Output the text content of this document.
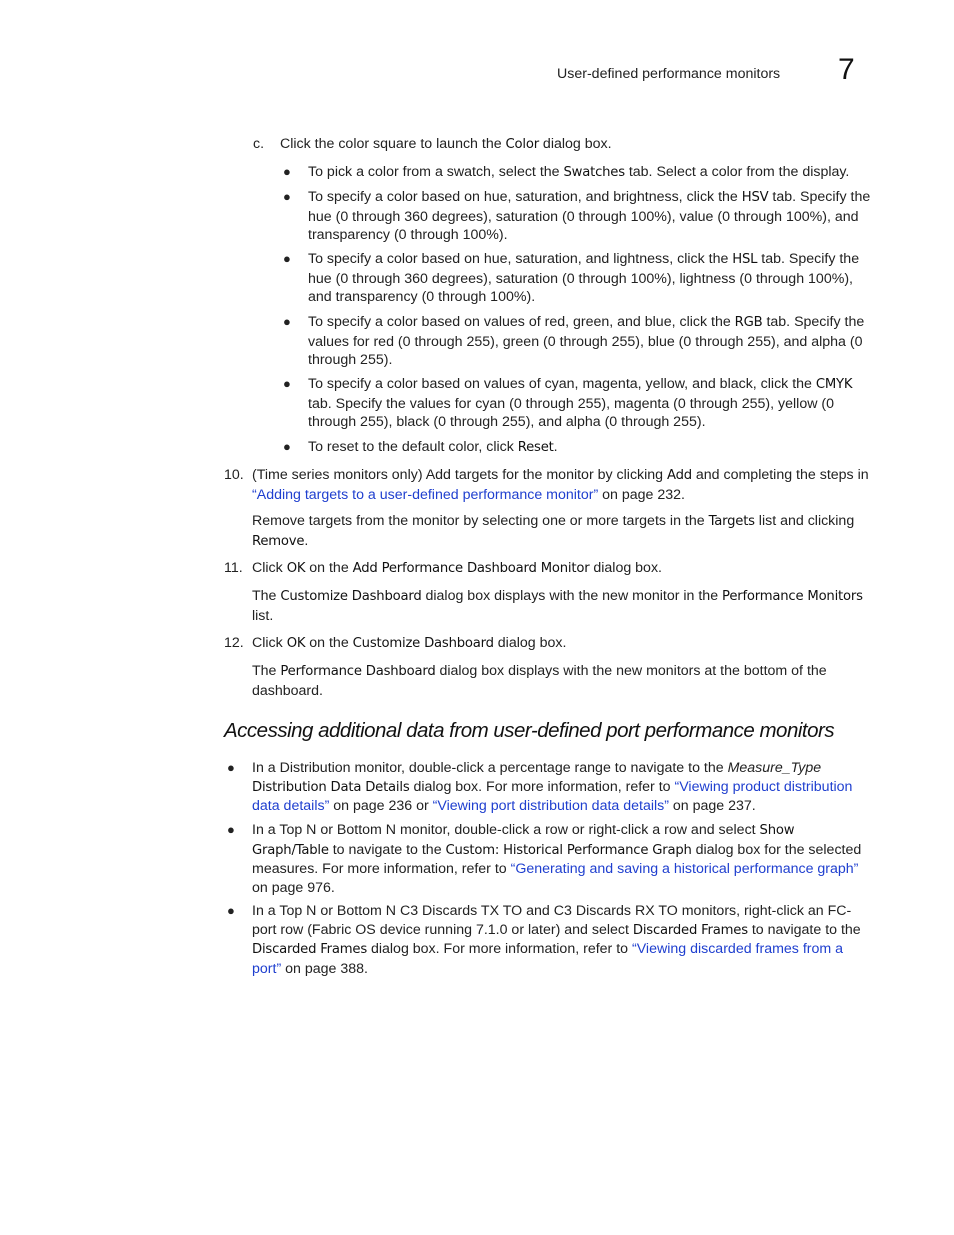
User-defined performance monitors 7
c. Click the color square to launch the Color dialog box.

● To pick a color from a swatch, select the Swatches tab. Select a color from the display.

● To specify a color based on hue, saturation, and brightness, click the HSV tab. Specify the hue (0 through 360 degrees), saturation (0 through 100%), value (0 through 100%), and transparency (0 through 100%).

● To specify a color based on hue, saturation, and lightness, click the HSL tab. Specify the hue (0 through 360 degrees), saturation (0 through 100%), lightness (0 through 100%), and transparency (0 through 100%).

● To specify a color based on values of red, green, and blue, click the RGB tab. Specify the values for red (0 through 255), green (0 through 255), blue (0 through 255), and alpha (0 through 255).

● To specify a color based on values of cyan, magenta, yellow, and black, click the CMYK tab. Specify the values for cyan (0 through 255), magenta (0 through 255), yellow (0 through 255), black (0 through 255), and alpha (0 through 255).

● To reset to the default color, click Reset.

10. (Time series monitors only) Add targets for the monitor by clicking Add and completing the steps in “Adding targets to a user-defined performance monitor” on page 232.

Remove targets from the monitor by selecting one or more targets in the Targets list and clicking Remove.

11. Click OK on the Add Performance Dashboard Monitor dialog box.

The Customize Dashboard dialog box displays with the new monitor in the Performance Monitors list.

12. Click OK on the Customize Dashboard dialog box.

The Performance Dashboard dialog box displays with the new monitors at the bottom of the dashboard.

Accessing additional data from user-defined port performance monitors
● In a Distribution monitor, double-click a percentage range to navigate to the Measure_Type Distribution Data Details dialog box. For more information, refer to “Viewing product distribution data details” on page 236 or “Viewing port distribution data details” on page 237.

● In a Top N or Bottom N monitor, double-click a row or right-click a row and select Show Graph/Table to navigate to the Custom: Historical Performance Graph dialog box for the selected measures. For more information, refer to “Generating and saving a historical performance graph” on page 976.

● In a Top N or Bottom N C3 Discards TX TO and C3 Discards RX TO monitors, right-click an FC-port row (Fabric OS device running 7.1.0 or later) and select Discarded Frames to navigate to the Discarded Frames dialog box. For more information, refer to “Viewing discarded frames from a port” on page 388.
